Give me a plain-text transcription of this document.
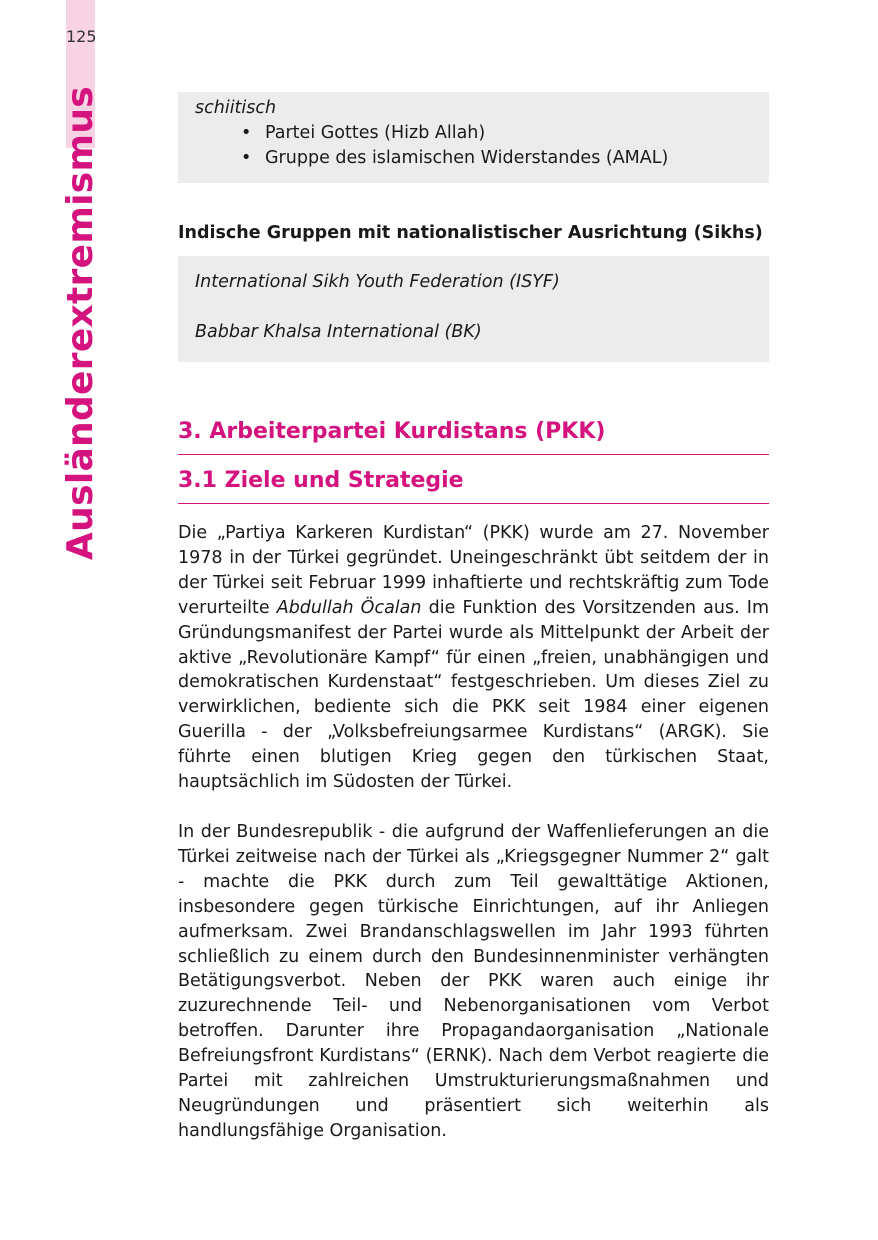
125
Ausländerextremismus	schiitisch
• Partei Gottes (Hizb Allah)
• Gruppe des islamischen Widerstandes (AMAL)
Indische Gruppen mit nationalistischer Ausrichtung (Sikhs)
International Sikh Youth Federation (ISYF)
Babbar Khalsa International (BK)
3. Arbeiterpartei Kurdistans (PKK)
3.1 Ziele und Strategie

Die „Partiya Karkeren Kurdistan“ (PKK) wurde am 27. November 1978 in der Türkei gegründet. Uneingeschränkt übt seitdem der in der Türkei seit Februar 1999 inhaftierte und rechtskräftig zum Tode verurteilte Abdullah Öcalan die Funktion des Vorsitzenden aus. Im Gründungsmanifest der Partei wurde als Mittelpunkt der Arbeit der aktive „Revolutionäre Kampf“ für einen „freien, unabhängigen und demokratischen Kurdenstaat“ festgeschrieben. Um dieses Ziel zu verwirklichen, bediente sich die PKK seit 1984 einer eigenen Guerilla - der „Volksbefreiungsarmee Kurdistans“ (ARGK). Sie führte einen blutigen Krieg gegen den türkischen Staat, hauptsächlich im Südosten der Türkei.

In der Bundesrepublik - die aufgrund der Waffenlieferungen an die Türkei zeitweise nach der Türkei als „Kriegsgegner Nummer 2“ galt - machte die PKK durch zum Teil gewalttätige Aktionen, insbesondere gegen türkische Einrichtungen, auf ihr Anliegen aufmerksam. Zwei Brandanschlagswellen im Jahr 1993 führten schließlich zu einem durch den Bundesinnenminister verhängten Betätigungsverbot. Neben der PKK waren auch einige ihr zuzurechnende Teil- und Nebenorganisationen vom Verbot betroffen. Darunter ihre Propagandaorganisation „Nationale Befreiungsfront Kurdistans“ (ERNK). Nach dem Verbot reagierte die Partei mit zahlreichen Umstrukturierungsmaßnahmen und Neugründungen und präsentiert sich weiterhin als handlungsfähige Organisation.
